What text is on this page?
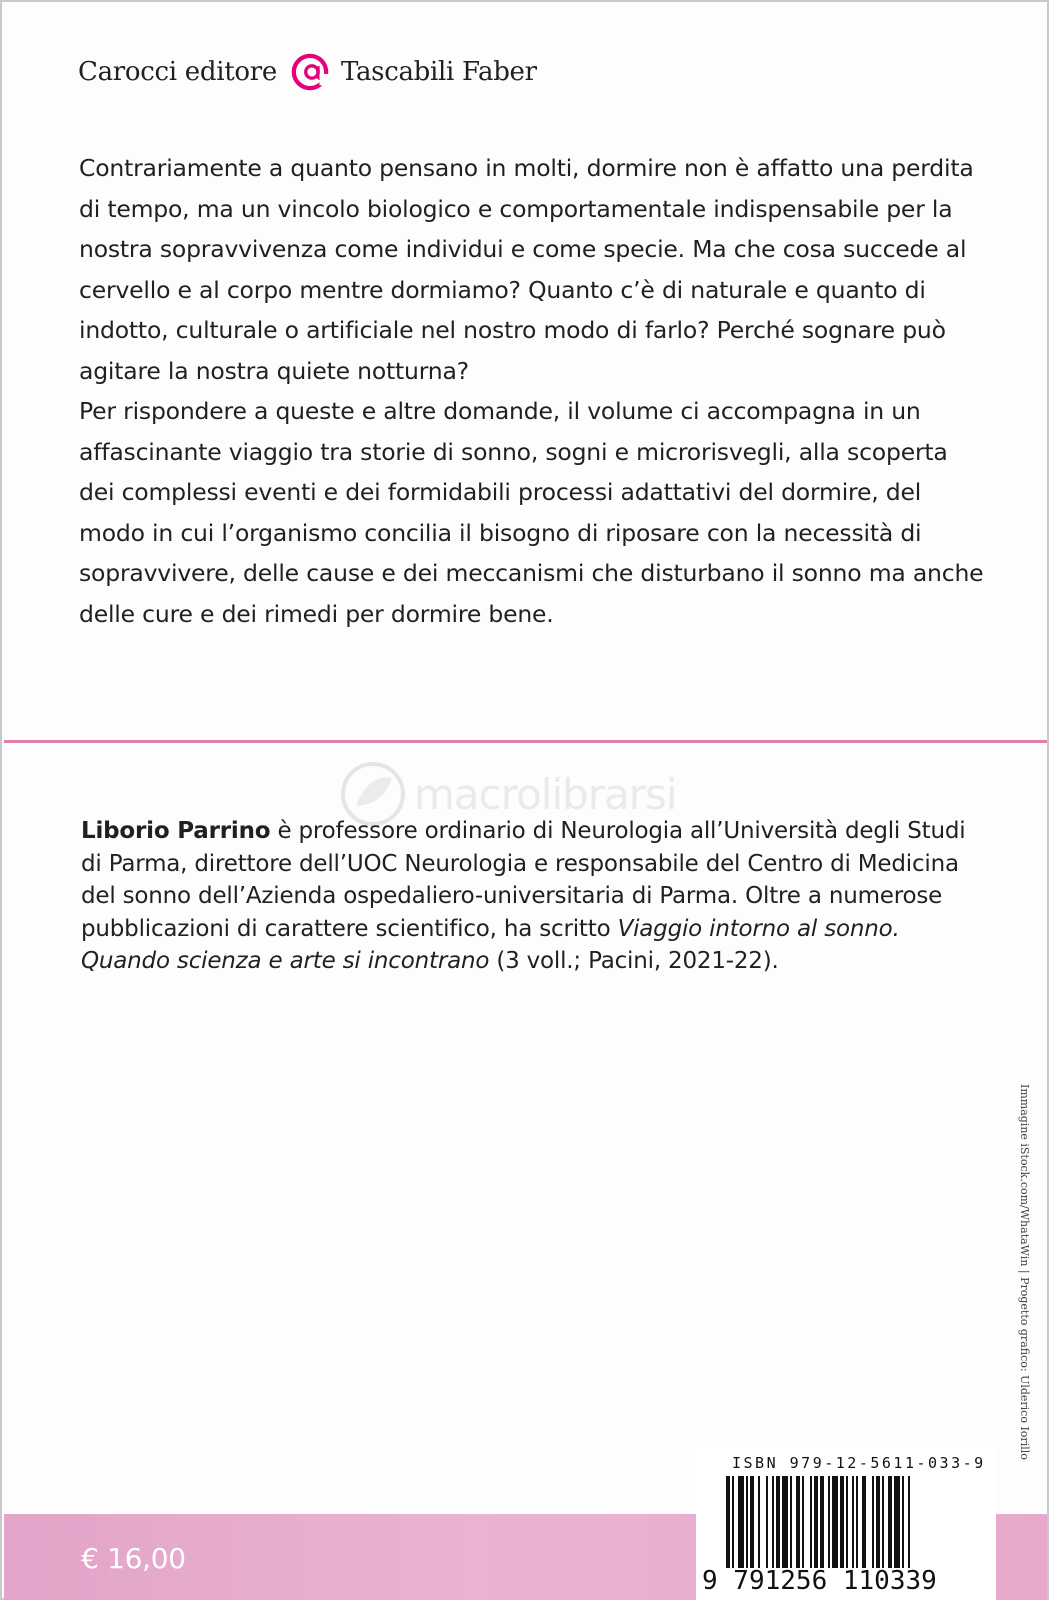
Carocci editore Tascabili Faber

Contrariamente a quanto pensano in molti, dormire non è affatto una perdita di tempo, ma un vincolo biologico e comportamentale indispensabile per la nostra sopravvivenza come individui e come specie. Ma che cosa succede al cervello e al corpo mentre dormiamo? Quanto c’è di naturale e quanto di indotto, culturale o artificiale nel nostro modo di farlo? Perché sognare può agitare la nostra quiete notturna?

Per rispondere a queste e altre domande, il volume ci accompagna in un affascinante viaggio tra storie di sonno, sogni e microrisvegli, alla scoperta dei complessi eventi e dei formidabili processi adattativi del dormire, del modo in cui l’organismo concilia il bisogno di riposare con la necessità di sopravvivere, delle cause e dei meccanismi che disturbano il sonno ma anche delle cure e dei rimedi per dormire bene.

macrolibrarsi
Liborio Parrino è professore ordinario di Neurologia all’Università degli Studi di Parma, direttore dell’UOC Neurologia e responsabile del Centro di Medicina del sonno dell’Azienda ospedaliero-universitaria di Parma. Oltre a numerose pubblicazioni di carattere scientifico, ha scritto Viaggio intorno al sonno. Quando scienza e arte si incontrano (3 voll.; Pacini, 2021-22).
Immagine iStock.com/WhataWin | Progetto grafico: Ulderico Iorillo
€ 16,00
ISBN 979-12-5611-033-9
9 791256 110339
